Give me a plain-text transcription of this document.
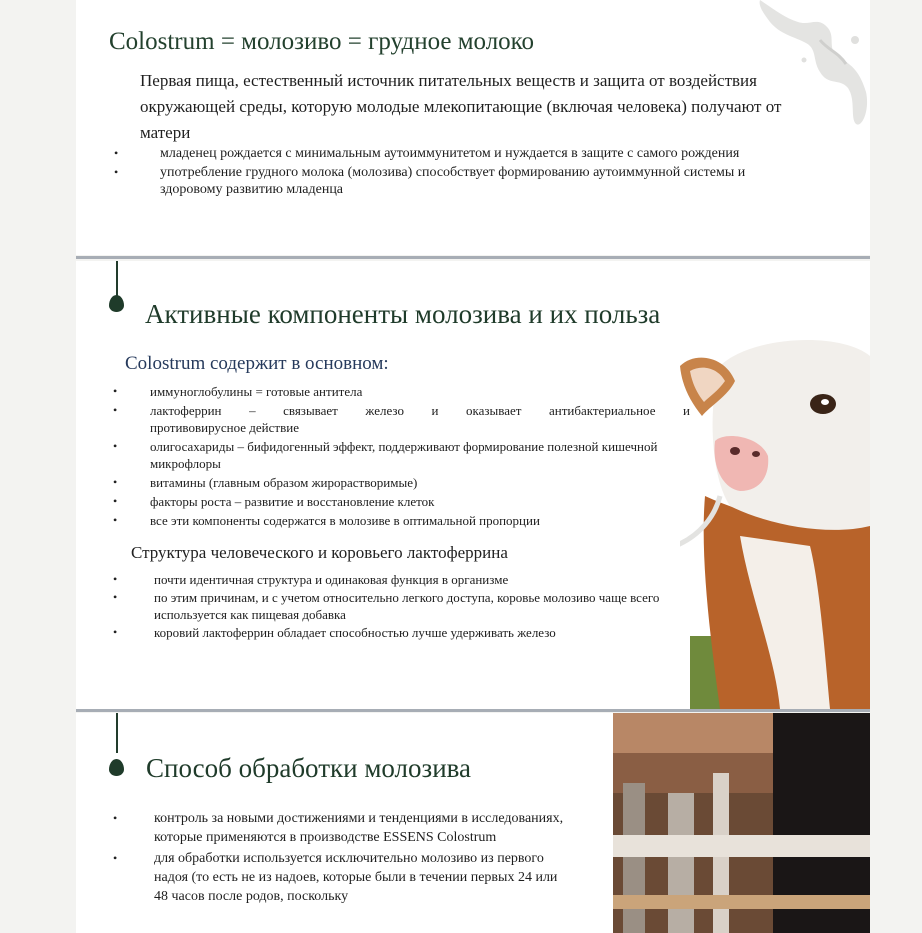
Colostrum = молозиво = грудное молоко

Первая пища, естественный источник питательных веществ и защита от воздействия окружающей среды, которую молодые млекопитающие (включая человека) получают от матери

•	младенец рождается с минимальным аутоиммунитетом и нуждается в защите с самого рождения
•	употребление грудного молока (молозива) способствует формированию аутоиммунной системы и здоровому развитию младенца
Активные компоненты молозива и их польза
Colostrum содержит в основном:
•	иммуноглобулины = готовые антитела
•	лактоферрин – связывает железо и оказывает антибактериальное и
противовирусное действие
•	олигосахариды – бифидогенный эффект, поддерживают формирование полезной кишечной микрофлоры
•	витамины (главным образом жирорастворимые)
•	факторы роста – развитие и восстановление клеток
•	все эти компоненты содержатся в молозиве в оптимальной пропорции
Структура человеческого и коровьего лактоферрина
•	почти идентичная структура и одинаковая функция в организме
•	по этим причинам, и с учетом относительно легкого доступа, коровье молозиво чаще всего используется как пищевая добавка
•	коровий лактоферрин обладает способностью лучше удерживать железо
Способ обработки молозива
•	контроль за новыми достижениями и тенденциями в исследованиях, которые применяются в производстве ESSENS Colostrum
•	для обработки используется исключительно молозиво из первого надоя (то есть не из надоев, которые были в течении первых 24 или 48 часов после родов, поскольку
